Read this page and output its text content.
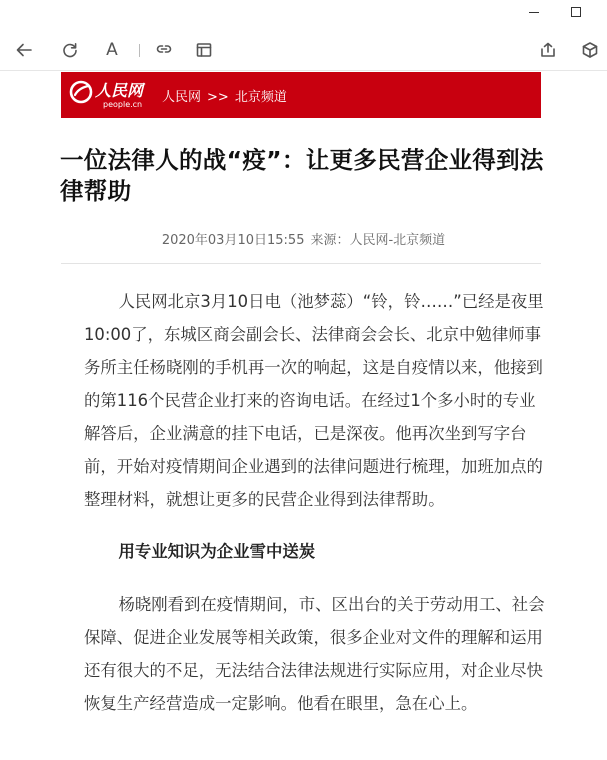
A
人民网
people.cn 人民网 >> 北京频道
一位法律人的战“疫”：让更多民营企业得到法律帮助
2020年03月10日15:55 来源：人民网-北京频道

人民网北京3月10日电（池梦蕊）“铃，铃……”已经是夜里10:00了，东城区商会副会长、法律商会会长、北京中勉律师事务所主任杨晓刚的手机再一次的响起，这是自疫情以来，他接到的第116个民营企业打来的咨询电话。在经过1个多小时的专业解答后，企业满意的挂下电话，已是深夜。他再次坐到写字台前，开始对疫情期间企业遇到的法律问题进行梳理，加班加点的整理材料，就想让更多的民营企业得到法律帮助。

用专业知识为企业雪中送炭

杨晓刚看到在疫情期间，市、区出台的关于劳动用工、社会保障、促进企业发展等相关政策，很多企业对文件的理解和运用还有很大的不足，无法结合法律法规进行实际应用，对企业尽快恢复生产经营造成一定影响。他看在眼里，急在心上。
